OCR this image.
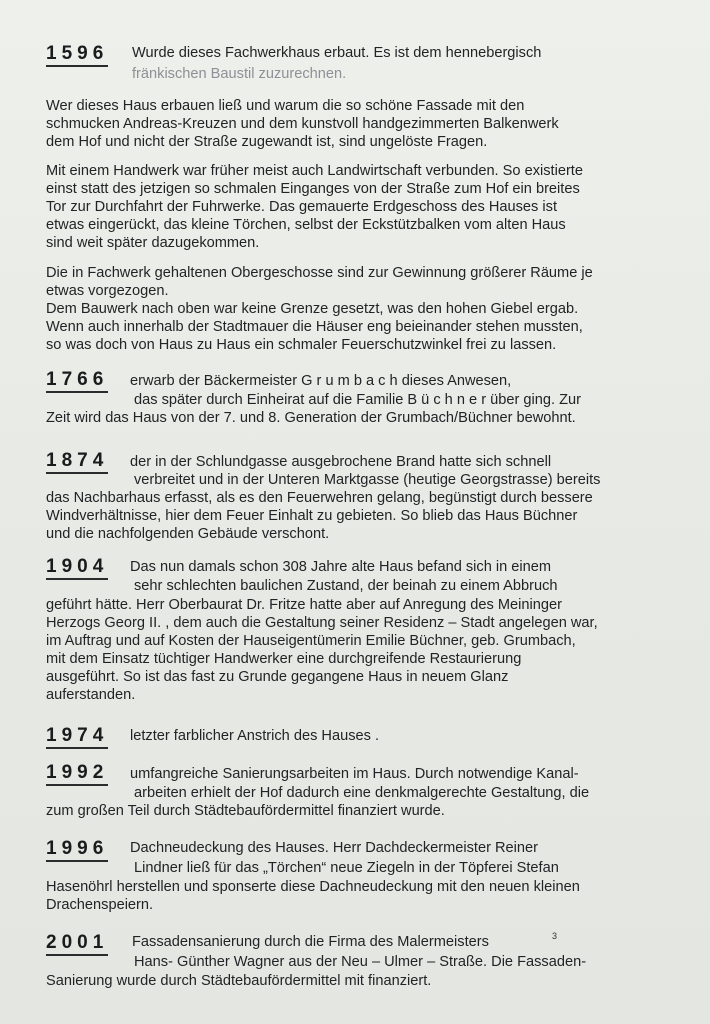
1596 Wurde dieses Fachwerkhaus erbaut. Es ist dem hennebergisch
fränkischen Baustil zuzurechnen.
Wer dieses Haus erbauen ließ und warum die so schöne Fassade mit den
schmucken Andreas-Kreuzen und dem kunstvoll handgezimmerten Balkenwerk
dem Hof und nicht der Straße zugewandt ist, sind ungelöste Fragen.
Mit einem Handwerk war früher meist auch Landwirtschaft verbunden. So existierte
einst statt des jetzigen so schmalen Einganges von der Straße zum Hof ein breites
Tor zur Durchfahrt der Fuhrwerke. Das gemauerte Erdgeschoss des Hauses ist
etwas eingerückt, das kleine Törchen, selbst der Eckstützbalken vom alten Haus
sind weit später dazugekommen.
Die in Fachwerk gehaltenen Obergeschosse sind zur Gewinnung größerer Räume je
etwas vorgezogen.
Dem Bauwerk nach oben war keine Grenze gesetzt, was den hohen Giebel ergab.
Wenn auch innerhalb der Stadtmauer die Häuser eng beieinander stehen mussten,
so was doch von Haus zu Haus ein schmaler Feuerschutzwinkel frei zu lassen.
1766 erwarb der Bäckermeister G r u m b a c h dieses Anwesen,
das später durch Einheirat auf die Familie B ü c h n e r über ging. Zur
Zeit wird das Haus von der 7. und 8. Generation der Grumbach/Büchner bewohnt.
1874 der in der Schlundgasse ausgebrochene Brand hatte sich schnell
verbreitet und in der Unteren Marktgasse (heutige Georgstrasse) bereits
das Nachbarhaus erfasst, als es den Feuerwehren gelang, begünstigt durch bessere
Windverhältnisse, hier dem Feuer Einhalt zu gebieten. So blieb das Haus Büchner
und die nachfolgenden Gebäude verschont.
1904 Das nun damals schon 308 Jahre alte Haus befand sich in einem
sehr schlechten baulichen Zustand, der beinah zu einem Abbruch
geführt hätte. Herr Oberbaurat Dr. Fritze hatte aber auf Anregung des Meininger
Herzogs Georg II. , dem auch die Gestaltung seiner Residenz – Stadt angelegen war,
im Auftrag und auf Kosten der Hauseigentümerin Emilie Büchner, geb. Grumbach,
mit dem Einsatz tüchtiger Handwerker eine durchgreifende Restaurierung
ausgeführt. So ist das fast zu Grunde gegangene Haus in neuem Glanz
auferstanden.
1974 letzter farblicher Anstrich des Hauses .
1992 umfangreiche Sanierungsarbeiten im Haus. Durch notwendige Kanal-
arbeiten erhielt der Hof dadurch eine denkmalgerechte Gestaltung, die
zum großen Teil durch Städtebaufördermittel finanziert wurde.
1996 Dachneudeckung des Hauses. Herr Dachdeckermeister Reiner
Lindner ließ für das „Törchen“ neue Ziegeln in der Töpferei Stefan
Hasenöhrl herstellen und sponserte diese Dachneudeckung mit den neuen kleinen
Drachenspeiern.
2001 Fassadensanierung durch die Firma des Malermeisters	3
Hans- Günther Wagner aus der Neu – Ulmer – Straße. Die Fassaden-
Sanierung wurde durch Städtebaufördermittel mit finanziert.
